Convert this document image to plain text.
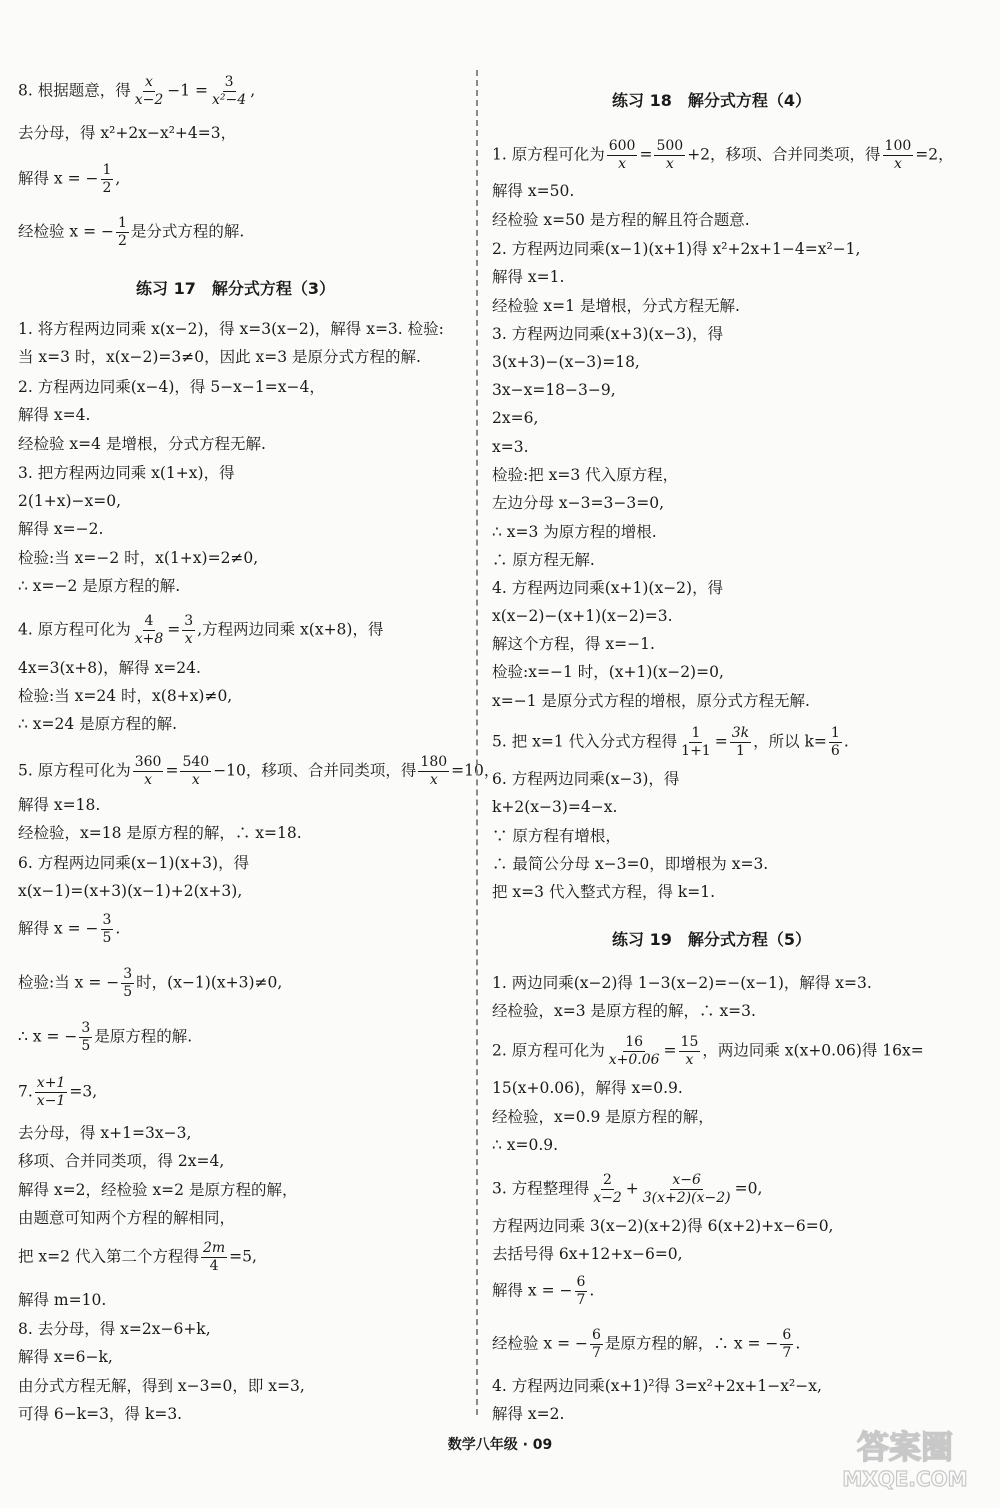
8. 根据题意，得 $\frac{x}{x-2} -1 = \frac{3}{\text{x²−4}}$ ,
去分母，得 x²+2x−x²+4=3，
解得 x = − $\frac{1}{2}$ ,
经检验 x = − $\frac{1}{2}$ 是分式方程的解.
练习 17　解分式方程（3）
1. 将方程两边同乘 x(x−2)，得 x=3(x−2)，解得 x=3. 检验:
当 x=3 时，x(x−2)=3≠0，因此 x=3 是原分式方程的解.
2. 方程两边同乘(x−4)，得 5−x−1=x−4，
解得 x=4.
经检验 x=4 是增根，分式方程无解.
3. 把方程两边同乘 x(1+x)，得
2(1+x)−x=0,
解得 x=−2.
检验:当 x=−2 时，x(1+x)=2≠0,
∴ x=−2 是原方程的解.
4. 原方程可化为 $\frac{4}{x+8} = \frac{3}{x}$ ,方程两边同乘 x(x+8)，得
4x=3(x+8)，解得 x=24.
检验:当 x=24 时，x(8+x)≠0,
∴ x=24 是原方程的解.
5. 原方程可化为 $\frac{360}{x} = \frac{540}{x} -10$，移项、合并同类项，得 $\frac{180}{x} =10$，
解得 x=18.
经检验，x=18 是原方程的解，∴ x=18.
6. 方程两边同乘(x−1)(x+3)，得
x(x−1)=(x+3)(x−1)+2(x+3),
解得 x = − $\frac{3}{5}$ .
检验:当 x = − $\frac{3}{5}$ 时，(x−1)(x+3)≠0,
∴ x = − $\frac{3}{5}$ 是原方程的解.
7. $\frac{x+1}{x-1} =3$,
去分母，得 x+1=3x−3,
移项、合并同类项，得 2x=4,
解得 x=2，经检验 x=2 是原方程的解，
由题意可知两个方程的解相同，
把 x=2 代入第二个方程得 $\frac{2m}{4} =5$,
解得 m=10.
8. 去分母，得 x=2x−6+k,
解得 x=6−k,
由分式方程无解，得到 x−3=0，即 x=3,
可得 6−k=3，得 k=3.
练习 18　解分式方程（4）
1. 原方程可化为 $\frac{600}{x} = \frac{500}{x} +2$，移项、合并同类项，得 $\frac{100}{x} =2$，
解得 x=50.
经检验 x=50 是方程的解且符合题意.
2. 方程两边同乘(x−1)(x+1)得 x²+2x+1−4=x²−1,
解得 x=1.
经检验 x=1 是增根，分式方程无解.
3. 方程两边同乘(x+3)(x−3)，得
3(x+3)−(x−3)=18,
3x−x=18−3−9,
2x=6,
x=3.
检验:把 x=3 代入原方程，
左边分母 x−3=3−3=0,
∴ x=3 为原方程的增根.
∴ 原方程无解.
4. 方程两边同乘(x+1)(x−2)，得
x(x−2)−(x+1)(x−2)=3.
解这个方程，得 x=−1.
检验:x=−1 时，(x+1)(x−2)=0,
x=−1 是原分式方程的增根，原分式方程无解.
5. 把 x=1 代入分式方程得 $\frac{1}{1+1} = \frac{3k}{1}$ ，所以 $k= \frac{1}{6}$ .
6. 方程两边同乘(x−3)，得
k+2(x−3)=4−x.
∵ 原方程有增根，
∴ 最简公分母 x−3=0，即增根为 x=3.
把 x=3 代入整式方程，得 k=1.
练习 19　解分式方程（5）
1. 两边同乘(x−2)得 1−3(x−2)=−(x−1)，解得 x=3.
经检验，x=3 是原方程的解，∴ x=3.
2. 原方程可化为 $\frac{16}{x+0.06} = \frac{15}{x}$ ，两边同乘 x(x+0.06)得 16x=
15(x+0.06)，解得 x=0.9.
经检验，x=0.9 是原方程的解，
∴ x=0.9.
3. 方程整理得 $\frac{2}{x-2} + \frac{x-6}{3(x+2)(x-2)} =0$,
方程两边同乘 3(x−2)(x+2)得 6(x+2)+x−6=0,
去括号得 6x+12+x−6=0,
解得 x = − $\frac{6}{7}$ .
经检验 x = − $\frac{6}{7}$ 是原方程的解，∴ x = − $\frac{6}{7}$ .
4. 方程两边同乘(x+1)²得 3=x²+2x+1−x²−x,
解得 x=2.
数学八年级 · 09	答案圈
MXQE.COM
